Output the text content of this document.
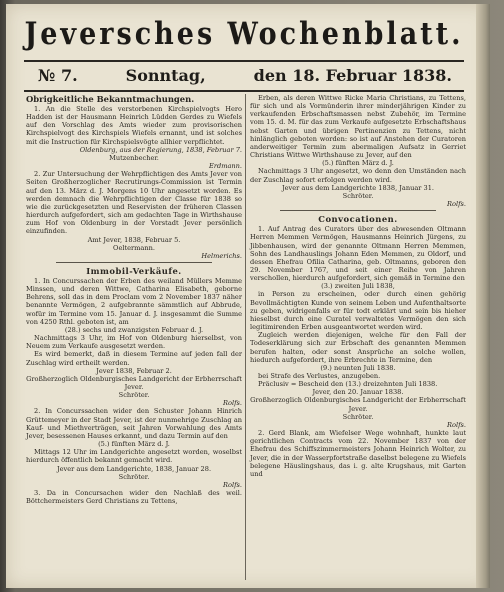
Jeversches Wochenblatt.
№ 7.	Sonntag,	den 18. Februar 1838.
Obrigkeitliche Bekanntmachungen.

1. An die Stelle des verstorbenen Kirchspielvogts Hero Hadden ist der Hausmann Heinrich Lüdden Gerdes zu Wiefels auf den Vorschlag des Amts wieder zum provisorischen Kirchspielvogt des Kirchspiels Wiefels ernannt, und ist solches mit die Instruction für Kirchspielsvögte allhier verpflichtet.

Oldenburg, aus der Regierung, 1838, Februar 7.
Mutzenbecher.
Erdmann.

2. Zur Untersuchung der Wehrpflichtigen des Amts Jever von Seiten Großherzoglicher Recrutirungs-Commission ist Termin auf den 13. März d. J. Morgens 10 Uhr angesetzt worden. Es werden demnach die Wehrpflichtigen der Classe für 1838 so wie die zurückgesetzten und Reservisten der früheren Classen hierdurch aufgefordert, sich am gedachten Tage in Wirthshause zum Hof von Oldenburg in der Vorstadt Jever persönlich einzufinden.

Amt Jever, 1838, Februar 5.
Oeltermann.
Helmerichs.
Immobil-Verkäufe.

1. In Concurssachen der Erben des weiland Müllers Memme Minssen, und deren Wittwe, Catharina Elisabeth, geborne Behrens, soll das in dem Proclam vom 2 November 1837 näher benannte Vermögen, 2 aufgebrannte sämmtlich auf Abbrude, wofür im Termine vom 15. Januar d. J. insgesammt die Summe von 4250 Rthl. geboten ist, am

(28.) sechs und zwanzigsten Februar d. J.

Nachmittags 3 Uhr, im Hof von Oldenburg hierselbst, von Neuem zum Verkaufe ausgesetzt werden.

Es wird bemerkt, daß in diesem Termine auf jeden fall der Zuschlag wird ertheilt werden.

Jever 1838, Februar 2.
Großherzoglich Oldenburgisches Landgericht der Erbherrschaft Jever.
Schröter.
Rolfs.

2. In Concurssachen wider den Schuster Johann Hinrich Grüttemeyer in der Stadt Jever, ist der nunmehrige Zuschlag an Kauf- und Miethverträgen, seit Jahren Vorwahlung des Amts Jever, besessenen Hauses erkannt, und dazu Termin auf den

(5.) fünften März d. J.

Mittags 12 Uhr im Landgerichte angesetzt worden, woselbst hierdurch öffentlich bekannt gemacht wird.

Jever aus dem Landgerichte, 1838, Januar 28.
Schröter.
Rolfs.

3. Da in Concursachen wider den Nachlaß des weil. Böttchermeisters Gerd Christians zu Tettens,

Erben, als deren Wittwe Ricke Maria Christians, zu Tettens, für sich und als Vormünderin ihrer minderjährigen Kinder zu verkaufenden Erbschaftsmassen nebst Zubehör, im Termine vom 15. d. M. für das zum Verkaufe aufgesetzte Erbschaftshaus nebst Garten und übrigen Pertinenzien zu Tettens, nicht hinlänglich geboten worden: so ist auf Anstehen der Curatoren anderweitiger Termin zum abermaligen Aufsatz in Gerriet Christians Wittwe Wirthshause zu Jever, auf den

(5.) fünften März d. J.

Nachmittags 3 Uhr angesetzt, wo denn den Umständen nach der Zuschlag sofort erfolgen werden wird.

Jever aus dem Landgerichte 1838, Januar 31.
Schröter.
Rolfs.
Convocationen.

1. Auf Antrag des Curators über des abwesenden Oltmann Herren Memmen Vermögen, Hausmanns Heinrich Jürgens, zu Jibbenhausen, wird der genannte Oltmann Herren Memmen, Sohn des Landhauslings Johann Eden Memmen, zu Oldorf, und dessen Ehefrau Ofilia Catharina, geb. Oltmanns, geboren den 29. November 1767, und seit einer Reihe von Jahren verschollen, hierdurch aufgefordert, sich gemäß in Termine den

(3.) zweiten Juli 1838,

in Person zu erscheinen, oder durch einen gehörig Bevollmächtigten Kunde von seinem Leben und Aufenthaltsorte zu geben, widrigenfalls er für todt erklärt und sein bis hieher hieselbst durch eine Curatel verwaltetes Vermögen den sich legitimirenden Erben ausgeantwortet werden wird.

Zugleich werden diejenigen, welche für den Fall der Todeserklärung sich zur Erbschaft des genannten Memmen berufen halten, oder sonst Ansprüche an solche wollen, hiedurch aufgefordert, ihre Erbrechte in Termine, den

(9.) neunten Juli 1838.

bei Strafe des Verlustes, anzugeben.

Präclusiv = Bescheid den (13.) dreizehnten Juli 1838.

Jever, den 20. Januar 1838.
Großherzoglich Oldenburgisches Landgericht der Erbherrschaft Jever.
Schröter.
Rolfs.

2. Gerd Blank, am Wiefelser Wege wohnhaft, hunkte laut gerichtlichen Contracts vom 22. November 1837 von der Ehefrau des Schiffszimmermeisters Johann Heinrich Wolter, zu Jever, die in der Wasserpfortstraße daselbst belegene zu Wiefels belegene Häuslingshaus, das i. g. alte Krugshaus, mit Garten und
